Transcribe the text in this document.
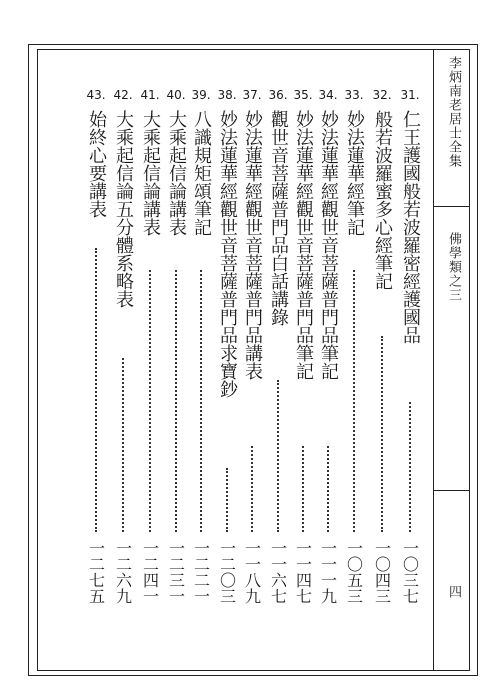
李炳南老居士全集
佛學類之三
四
31.
仁王護國般若波羅密經護國品
一〇三七
32.
般若波羅蜜多心經筆記
一〇四三
33.
妙法蓮華經筆記
一〇五三
34.
妙法蓮華經觀世音菩薩普門品筆記
一一一九
35.
妙法蓮華經觀世音菩薩普門品筆記
一一四七
36.
觀世音菩薩普門品白話講錄
一一六七
37.
妙法蓮華經觀世音菩薩普門品講表
一一八九
38.
妙法蓮華經觀世音菩薩普門品求寶鈔
一二〇三
39.
八識規矩頌筆記
一二二一
40.
大乘起信論講表
一二三一
41.
大乘起信論講表
一二四一
42.
大乘起信論五分體系略表
一二六九
43.
始終心要講表
一二七五
